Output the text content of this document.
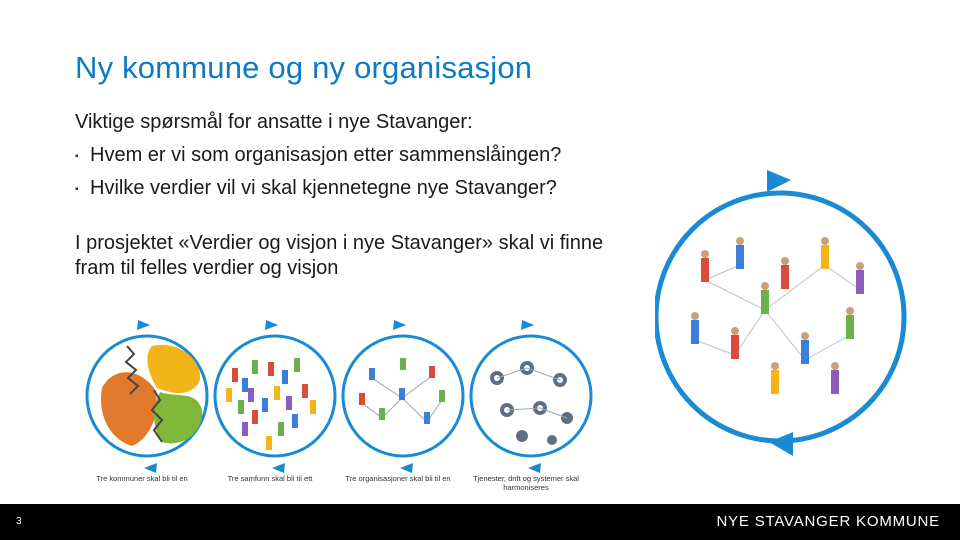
Ny kommune og ny organisasjon
Viktige spørsmål for ansatte i nye Stavanger:
▪ Hvem er vi som organisasjon etter sammenslåingen?
▪ Hvilke verdier vil vi skal kjennetegne nye Stavanger?
I prosjektet «Verdier og visjon i nye Stavanger» skal vi finne fram til felles verdier og visjon
Tre kommuner skal bli til en	Tre samfunn skal bli til ett	Tre organisasjoner skal bli til en	Tjenester, drift og systemer skal harmoniseres
3	NYE STAVANGER KOMMUNE
